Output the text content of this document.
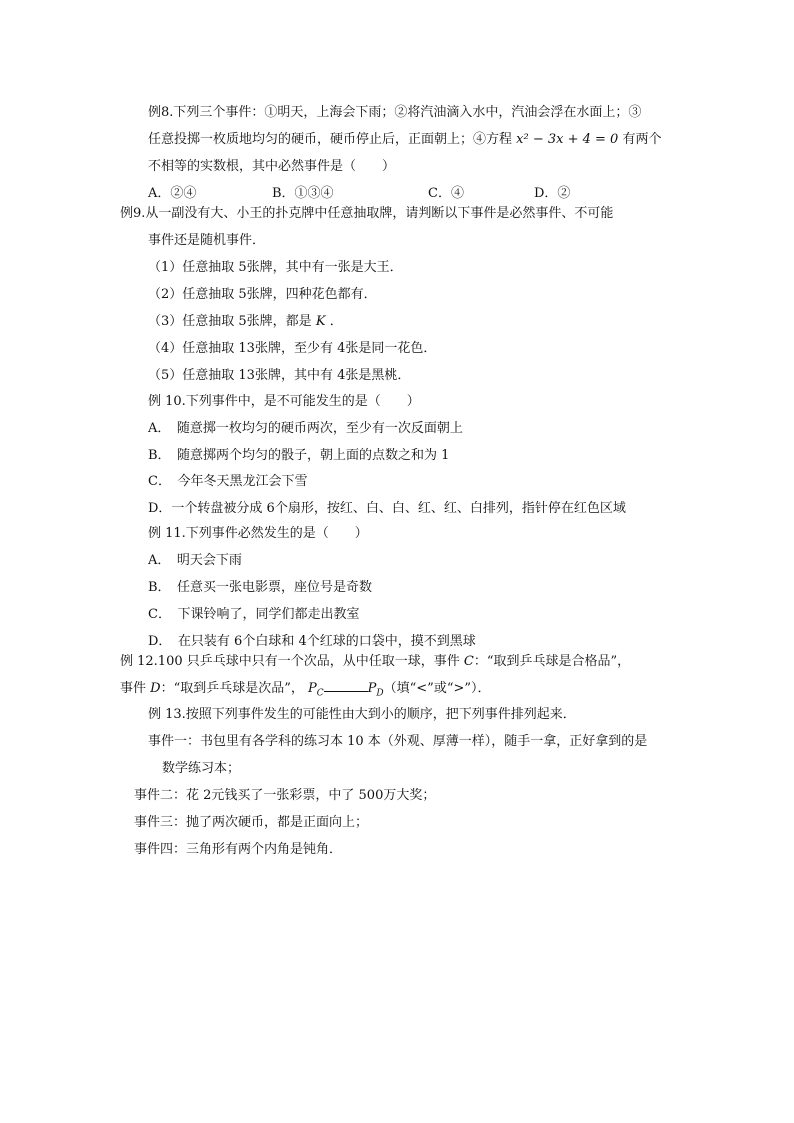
例8.下列三个事件：①明天，上海会下雨；②将汽油滴入水中，汽油会浮在水面上；③
任意投掷一枚质地均匀的硬币，硬币停止后，正面朝上；④方程 x² − 3x + 4 = 0 有两个
不相等的实数根，其中必然事件是（　　）
A．②④	B．①③④	C．④	D．②
例9.从一副没有大、小王的扑克牌中任意抽取牌，请判断以下事件是必然事件、不可能
事件还是随机事件．
（1）任意抽取 5张牌，其中有一张是大王．
（2）任意抽取 5张牌，四种花色都有．
（3）任意抽取 5张牌，都是 K ．
（4）任意抽取 13张牌，至少有 4张是同一花色．
（5）任意抽取 13张牌，其中有 4张是黑桃．
例 10.下列事件中，是不可能发生的是（　　）
A．　随意掷一枚均匀的硬币两次，至少有一次反面朝上
B．　随意掷两个均匀的骰子，朝上面的点数之和为 1
C．　今年冬天黑龙江会下雪
D．一个转盘被分成 6个扇形，按红、白、白、红、红、白排列，指针停在红色区域
例 11.下列事件必然发生的是（　　）
A．　明天会下雨
B．　任意买一张电影票，座位号是奇数
C．　下课铃响了，同学们都走出教室
D．　在只装有 6个白球和 4个红球的口袋中，摸不到黑球
例 12.100 只乒乓球中只有一个次品，从中任取一球，事件 C：“取到乒乓球是合格品”，
事件 D：“取到乒乓球是次品”， $P_C$	$P_D$（填“<”或“>”）．
例 13.按照下列事件发生的可能性由大到小的顺序，把下列事件排列起来．
事件一：书包里有各学科的练习本 10 本（外观、厚薄一样），随手一拿，正好拿到的是
数学练习本；
事件二：花 2元钱买了一张彩票，中了 500万大奖；
事件三：抛了两次硬币，都是正面向上；
事件四：三角形有两个内角是钝角．
